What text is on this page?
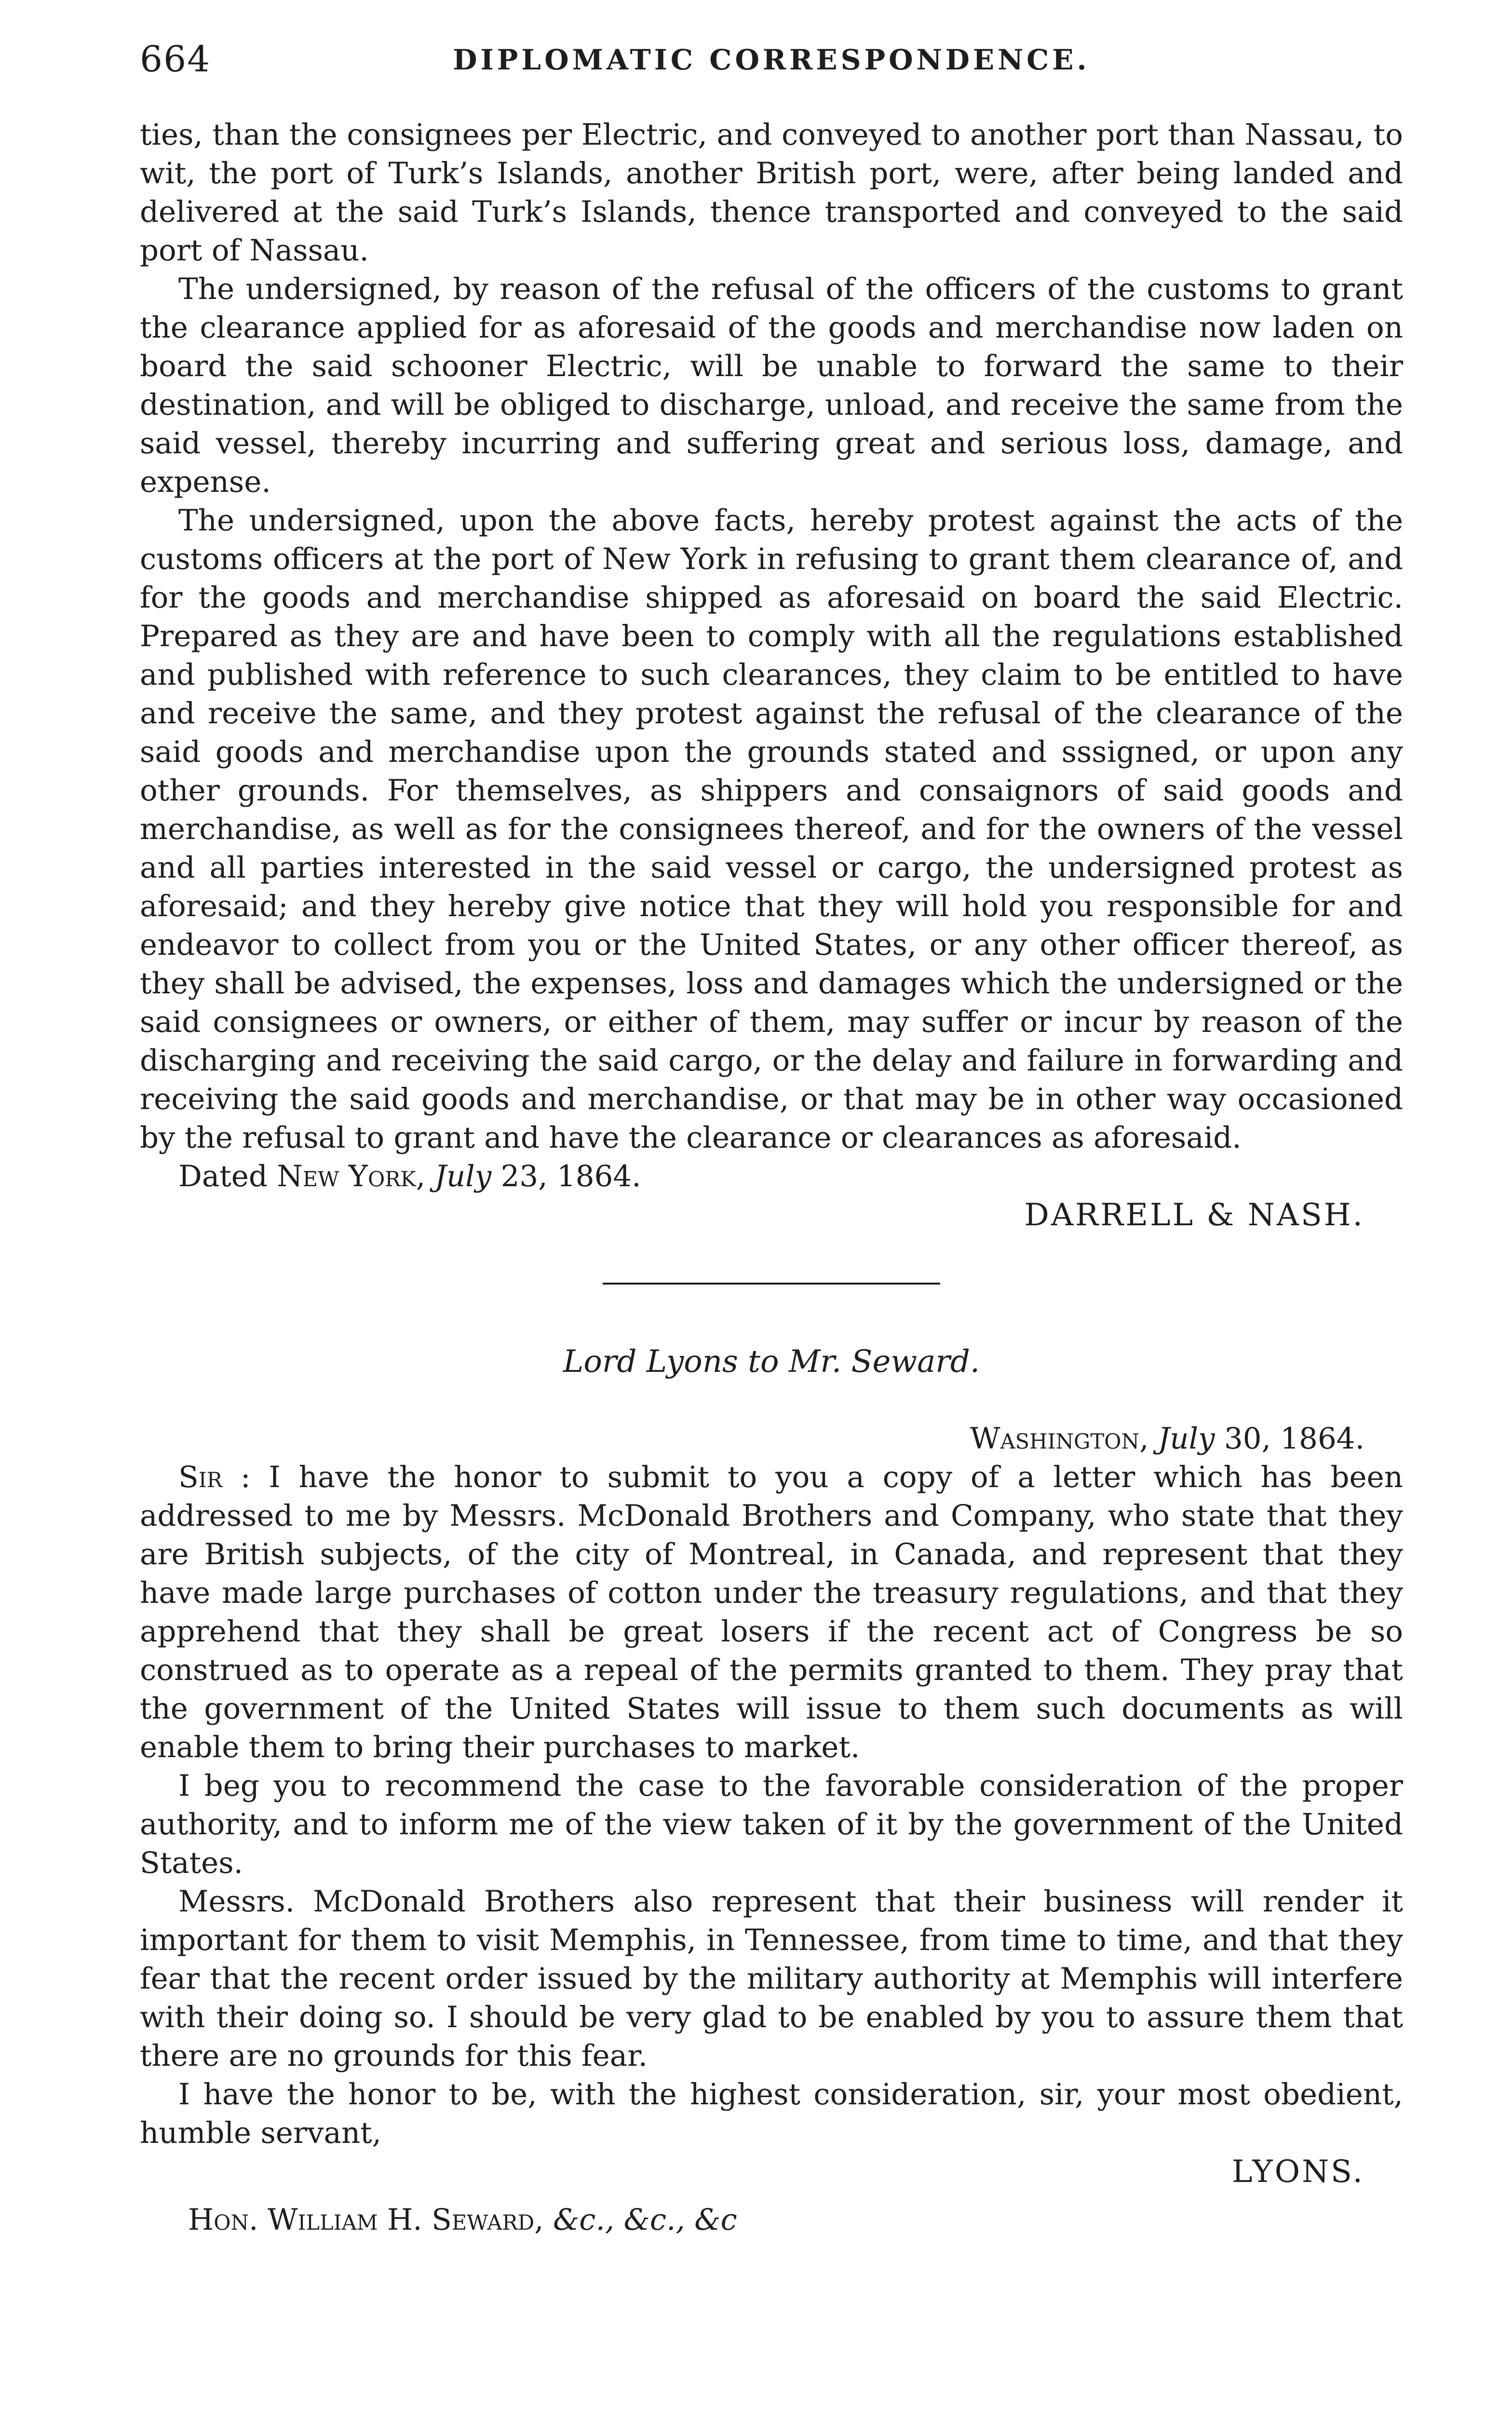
664	DIPLOMATIC CORRESPONDENCE.

ties, than the consignees per Electric, and conveyed to another port than Nassau, to wit, the port of Turk’s Islands, another British port, were, after being landed and delivered at the said Turk’s Islands, thence transported and conveyed to the said port of Nassau.

The undersigned, by reason of the refusal of the officers of the customs to grant the clearance applied for as aforesaid of the goods and merchandise now laden on board the said schooner Electric, will be unable to forward the same to their destination, and will be obliged to discharge, unload, and receive the same from the said vessel, thereby incurring and suffering great and serious loss, damage, and expense.

The undersigned, upon the above facts, hereby protest against the acts of the customs officers at the port of New York in refusing to grant them clearance of, and for the goods and merchandise shipped as aforesaid on board the said Electric. Prepared as they are and have been to comply with all the regulations established and published with reference to such clearances, they claim to be entitled to have and receive the same, and they protest against the refusal of the clearance of the said goods and merchandise upon the grounds stated and sssigned, or upon any other grounds. For themselves, as shippers and consaignors of said goods and merchandise, as well as for the consignees thereof, and for the owners of the vessel and all parties interested in the said vessel or cargo, the undersigned protest as aforesaid; and they hereby give notice that they will hold you responsible for and endeavor to collect from you or the United States, or any other officer thereof, as they shall be advised, the expenses, loss and damages which the undersigned or the said consignees or owners, or either of them, may suffer or incur by reason of the discharging and receiving the said cargo, or the delay and failure in forwarding and receiving the said goods and merchandise, or that may be in other way occasioned by the refusal to grant and have the clearance or clearances as aforesaid.

Dated New York, July 23, 1864.

DARRELL & NASH.

Lord Lyons to Mr. Seward.

Washington, July 30, 1864.

Sir : I have the honor to submit to you a copy of a letter which has been addressed to me by Messrs. McDonald Brothers and Company, who state that they are British subjects, of the city of Montreal, in Canada, and represent that they have made large purchases of cotton under the treasury regulations, and that they apprehend that they shall be great losers if the recent act of Congress be so construed as to operate as a repeal of the permits granted to them. They pray that the government of the United States will issue to them such documents as will enable them to bring their purchases to market.

I beg you to recommend the case to the favorable consideration of the proper authority, and to inform me of the view taken of it by the government of the United States.

Messrs. McDonald Brothers also represent that their business will render it important for them to visit Memphis, in Tennessee, from time to time, and that they fear that the recent order issued by the military authority at Memphis will interfere with their doing so. I should be very glad to be enabled by you to assure them that there are no grounds for this fear.

I have the honor to be, with the highest consideration, sir, your most obedient, humble servant,

LYONS.

Hon. William H. Seward, &c., &c., &c
